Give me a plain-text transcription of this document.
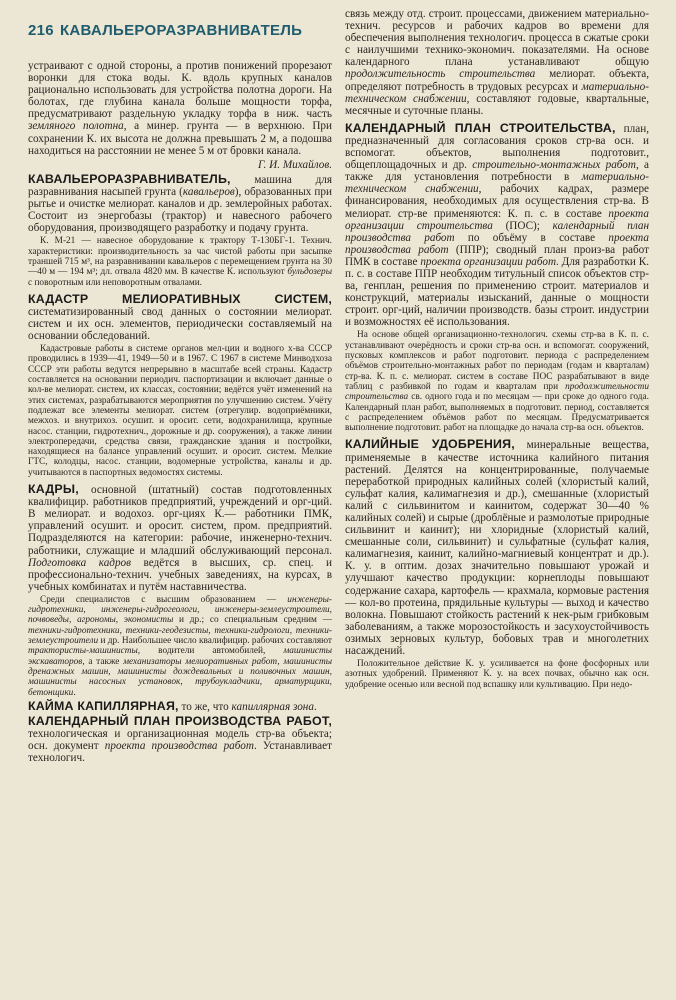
216 КАВАЛЬЕРОРАЗРАВНИВАТЕЛЬ

устраивают с одной стороны, а против понижений прорезают воронки для стока воды. К. вдоль крупных каналов рационально использовать для устройства полотна дороги. На болотах, где глубина канала больше мощности торфа, предусматривают раздельную укладку торфа в ниж. часть земляного полотна, а минер. грунта — в верхнюю. При сохранении К. их высота не должна превышать 2 м, а подошва находиться на расстоянии не менее 5 м от бровки канала.

Г. И. Михайлов.

КАВАЛЬЕРОРАЗРАВНИВАТЕЛЬ, машина для разравнивания насыпей грунта (кавальеров), образованных при рытье и очистке мелиорат. каналов и др. землеройных работах. Состоит из энергобазы (трактор) и навесного рабочего оборудования, производящего разработку и подачу грунта.

К. М-21 — навесное оборудование к трактору Т-130БГ-1. Технич. характеристики: производительность за час чистой работы при засыпке траншей 715 м³, на разравнивании кавальеров с перемещением грунта на 30—40 м — 194 м³; дл. отвала 4820 мм. В качестве К. используют бульдозеры с поворотным или неповоротным отвалами.

КАДАСТР МЕЛИОРАТИВНЫХ СИСТЕМ, систематизированный свод данных о состоянии мелиорат. систем и их осн. элементов, периодически составляемый на основании обследований.

Кадастровые работы в системе органов мел-ции и водного х-ва СССР проводились в 1939—41, 1949—50 и в 1967. С 1967 в системе Минводхоза СССР эти работы ведутся непрерывно в масштабе всей страны. Кадастр составляется на основании периодич. паспортизации и включает данные о кол-ве мелиорат. систем, их классах, состоянии; ведётся учёт изменений на этих системах, разрабатываются мероприятия по улучшению систем. Учёту подлежат все элементы мелиорат. систем (отрегулир. водоприёмники, межхоз. и внутрихоз. осушит. и оросит. сети, водохранилища, крупные насос. станции, гидротехнич., дорожные и др. сооружения), а также линии электропередачи, средства связи, гражданские здания и постройки, находящиеся на балансе управлений осушит. и оросит. систем. Мелкие ГТС, колодцы, насос. станции, водомерные устройства, каналы и др. учитываются в паспортных ведомостях системы.

КАДРЫ, основной (штатный) состав подготовленных квалифицир. работников предприятий, учреждений и орг-ций. В мелиорат. и водохоз. орг-циях К.— работники ПМК, управлений осушит. и оросит. систем, пром. предприятий. Подразделяются на категории: рабочие, инженерно-технич. работники, служащие и младший обслуживающий персонал. Подготовка кадров ведётся в высших, ср. спец. и профессионально-технич. учебных заведениях, на курсах, в учебных комбинатах и путём наставничества.

Среди специалистов с высшим образованием — инженеры-гидротехники, инженеры-гидрогеологи, инженеры-землеустроители, почвоведы, агрономы, экономисты и др.; со специальным средним — техники-гидротехники, техники-геодезисты, техники-гидрологи, техники-землеустроители и др. Наибольшее число квалифицир. рабочих составляют трактористы-машинисты, водители автомобилей, машинисты экскаваторов, а также механизаторы мелиоративных работ, машинисты дренажных машин, машинисты дождевальных и поливочных машин, машинисты насосных установок, трубоукладчики, арматурщики, бетонщики.

КАЙМА КАПИЛЛЯРНАЯ, то же, что капиллярная зона.

КАЛЕНДАРНЫЙ ПЛАН ПРОИЗВОДСТВА РАБОТ, технологическая и организационная модель стр-ва объекта; осн. документ проекта производства работ. Устанавливает технологич.

связь между отд. строит. процессами, движением материально-технич. ресурсов и рабочих кадров во времени для обеспечения выполнения технологич. процесса в сжатые сроки с наилучшими технико-экономич. показателями. На основе календарного плана устанавливают общую продолжительность строительства мелиорат. объекта, определяют потребность в трудовых ресурсах и материально-техническом снабжении, составляют годовые, квартальные, месячные и суточные планы.

КАЛЕНДАРНЫЙ ПЛАН СТРОИТЕЛЬСТВА, план, предназначенный для согласования сроков стр-ва осн. и вспомогат. объектов, выполнения подготовит., общеплощадочных и др. строительно-монтажных работ, а также для установления потребности в материально-техническом снабжении, рабочих кадрах, размере финансирования, необходимых для осуществления стр-ва. В мелиорат. стр-ве применяются: К. п. с. в составе проекта организации строительства (ПОС); календарный план производства работ по объёму в составе проекта производства работ (ППР); сводный план произ-ва работ ПМК в составе проекта организации работ. Для разработки К. п. с. в составе ППР необходим титульный список объектов стр-ва, генплан, решения по применению строит. материалов и конструкций, материалы изысканий, данные о мощности строит. орг-ций, наличии производств. базы строит. индустрии и возможностях её использования.

На основе общей организационно-технологич. схемы стр-ва в К. п. с. устанавливают очерёдность и сроки стр-ва осн. и вспомогат. сооружений, пусковых комплексов и работ подготовит. периода с распределением объёмов строительно-монтажных работ по периодам (годам и кварталам) стр-ва. К. п. с. мелиорат. систем в составе ПОС разрабатывают в виде таблиц с разбивкой по годам и кварталам при продолжительности строительства св. одного года и по месяцам — при сроке до одного года. Календарный план работ, выполняемых в подготовит. период, составляется с распределением объёмов работ по месяцам. Предусматривается выполнение подготовит. работ на площадке до начала стр-ва осн. объектов.

КАЛИЙНЫЕ УДОБРЕНИЯ, минеральные вещества, применяемые в качестве источника калийного питания растений. Делятся на концентрированные, получаемые переработкой природных калийных солей (хлористый калий, сульфат калия, калимагнезия и др.), смешанные (хлористый калий с сильвинитом и каинитом, содержат 30—40 % калийных солей) и сырые (дроблёные и размолотые природные сильвинит и каинит); ни хлоридные (хлористый калий, смешанные соли, сильвинит) и сульфатные (сульфат калия, калимагнезия, каинит, калийно-магниевый концентрат и др.). К. у. в оптим. дозах значительно повышают урожай и улучшают качество продукции: корнеплоды повышают содержание сахара, картофель — крахмала, кормовые растения — кол-во протеина, прядильные культуры — выход и качество волокна. Повышают стойкость растений к нек-рым грибковым заболеваниям, а также морозостойкость и засухоустойчивость озимых зерновых культур, бобовых трав и многолетних насаждений.

Положительное действие К. у. усиливается на фоне фосфорных или азотных удобрений. Применяют К. у. на всех почвах, обычно как осн. удобрение осенью или весной под вспашку или культивацию. При недо-
